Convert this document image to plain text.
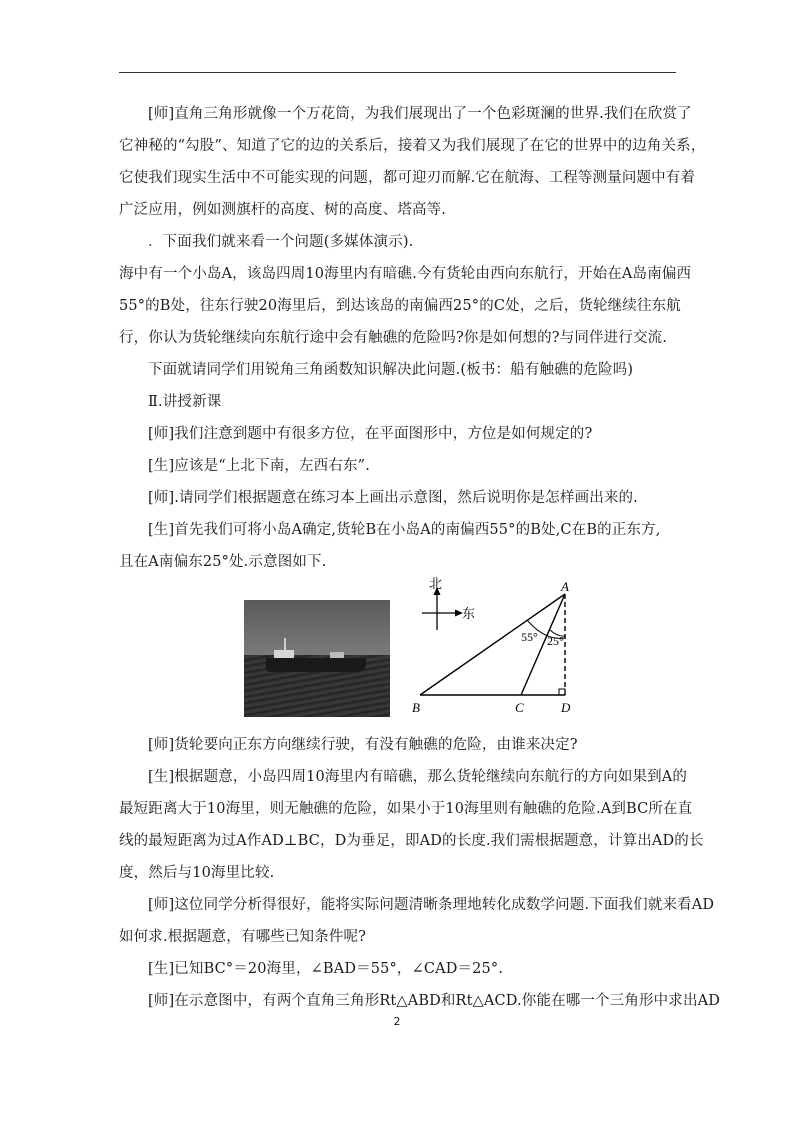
[师]直角三角形就像一个万花筒，为我们展现出了一个色彩斑澜的世界.我们在欣赏了
它神秘的“勾股”、知道了它的边的关系后，接着又为我们展现了在它的世界中的边角关系，
它使我们现实生活中不可能实现的问题，都可迎刃而解.它在航海、工程等测量问题中有着
广泛应用，例如测旗杆的高度、树的高度、塔高等.
．下面我们就来看一个问题(多媒体演示).
海中有一个小岛A，该岛四周10海里内有暗礁.今有货轮由西向东航行，开始在A岛南偏西
55°的B处，往东行驶20海里后，到达该岛的南偏西25°的C处，之后，货轮继续往东航
行，你认为货轮继续向东航行途中会有触礁的危险吗?你是如何想的?与同伴进行交流.
下面就请同学们用锐角三角函数知识解决此问题.(板书：船有触礁的危险吗)
Ⅱ.讲授新课
[师]我们注意到题中有很多方位，在平面图形中，方位是如何规定的?
[生]应该是“上北下南，左西右东”.
[师].请同学们根据题意在练习本上画出示意图，然后说明你是怎样画出来的.
[生]首先我们可将小岛A确定,货轮B在小岛A的南偏西55°的B处,C在B的正东方,
且在A南偏东25°处.示意图如下.
北
东
A
B	C	D
55° 25°
[师]货轮要向正东方向继续行驶，有没有触礁的危险，由谁来决定?
[生]根据题意，小岛四周10海里内有暗礁，那么货轮继续向东航行的方向如果到A的
最短距离大于10海里，则无触礁的危险，如果小于10海里则有触礁的危险.A到BC所在直
线的最短距离为过A作AD⊥BC，D为垂足，即AD的长度.我们需根据题意，计算出AD的长
度，然后与10海里比较.
[师]这位同学分析得很好，能将实际问题清晰条理地转化成数学问题.下面我们就来看AD
如何求.根据题意，有哪些已知条件呢?
[生]已知BC°＝20海里，∠BAD＝55°，∠CAD＝25°.
[师]在示意图中，有两个直角三角形Rt△ABD和Rt△ACD.你能在哪一个三角形中求出AD
2
